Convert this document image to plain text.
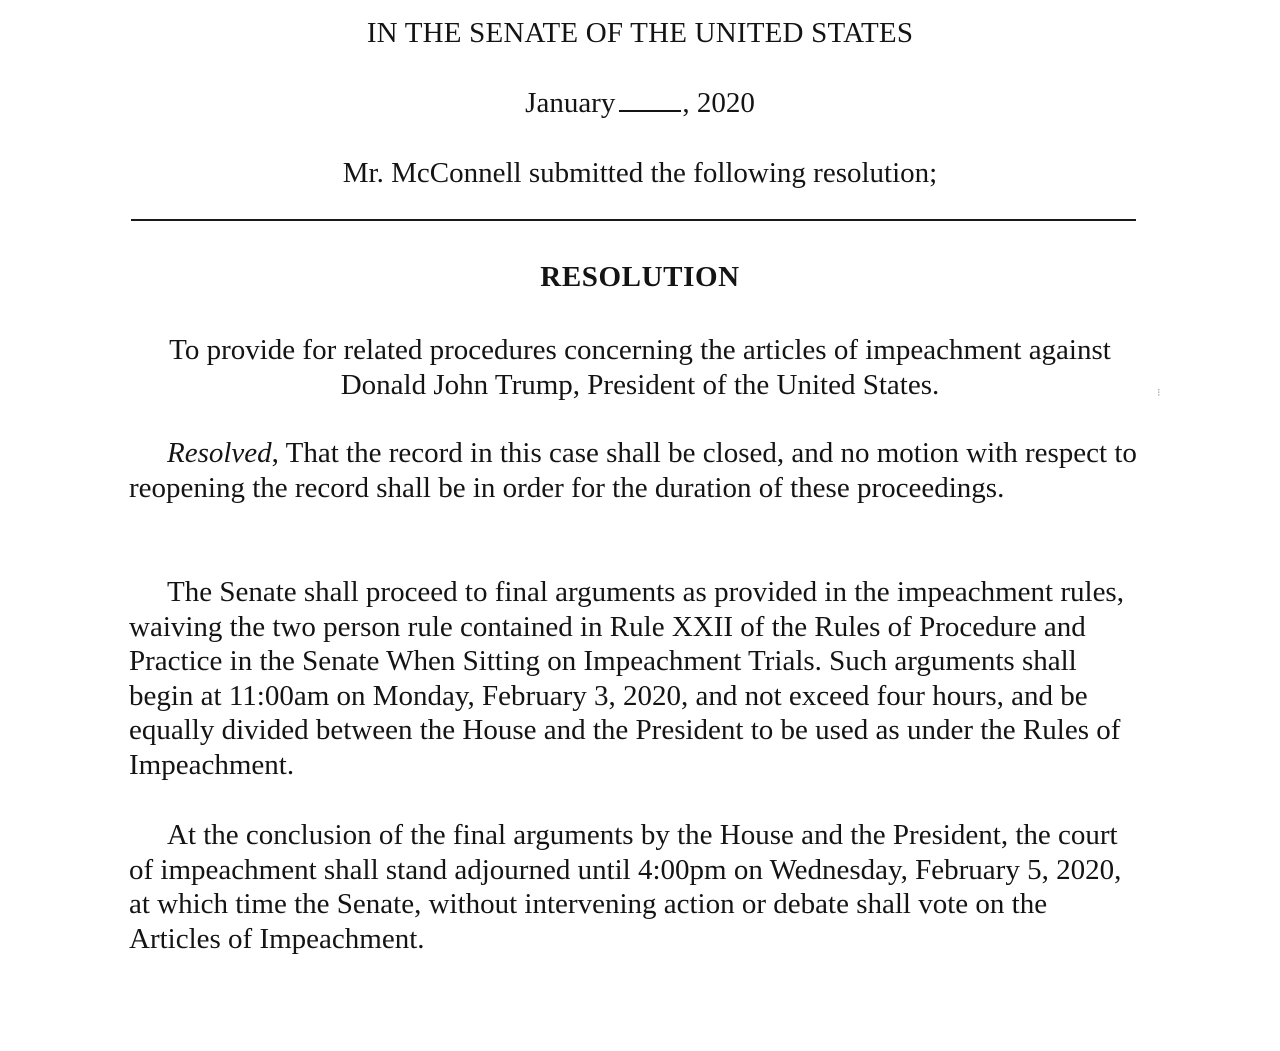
IN THE SENATE OF THE UNITED STATES
January , 2020
Mr. McConnell submitted the following resolution;
RESOLUTION
To provide for related procedures concerning the articles of impeachment against Donald John Trump, President of the United States.

Resolved, That the record in this case shall be closed, and no motion with respect to reopening the record shall be in order for the duration of these proceedings.

The Senate shall proceed to final arguments as provided in the impeachment rules, waiving the two person rule contained in Rule XXII of the Rules of Procedure and Practice in the Senate When Sitting on Impeachment Trials. Such arguments shall begin at 11:00am on Monday, February 3, 2020, and not exceed four hours, and be equally divided between the House and the President to be used as under the Rules of Impeachment.

At the conclusion of the final arguments by the House and the President, the court of impeachment shall stand adjourned until 4:00pm on Wednesday, February 5, 2020, at which time the Senate, without intervening action or debate shall vote on the Articles of Impeachment.

⁝
